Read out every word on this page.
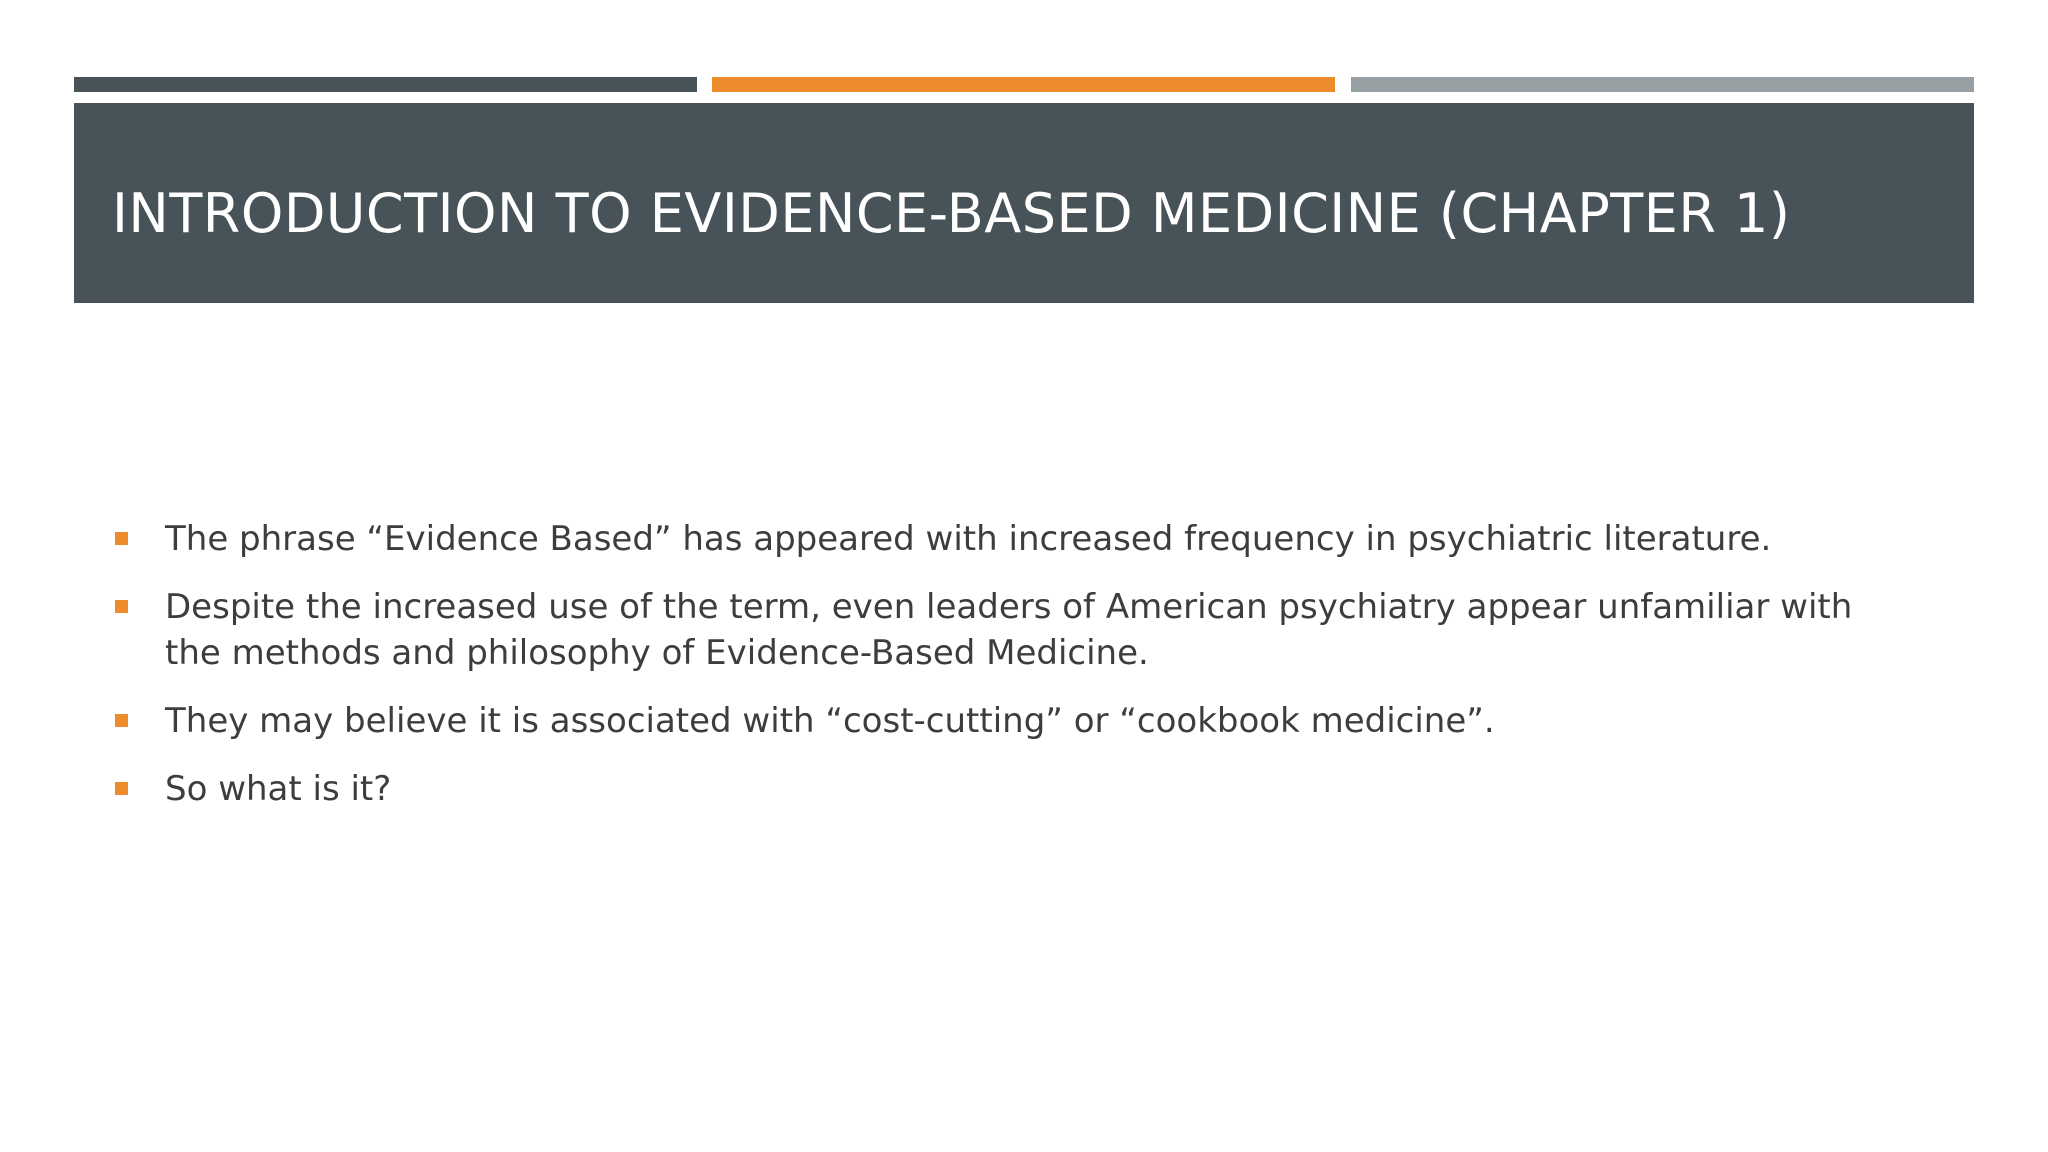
INTRODUCTION TO EVIDENCE-BASED MEDICINE (CHAPTER 1)
The phrase “Evidence Based” has appeared with increased frequency in psychiatric literature.
Despite the increased use of the term, even leaders of American psychiatry appear unfamiliar with the methods and philosophy of Evidence-Based Medicine.
They may believe it is associated with “cost-cutting” or “cookbook medicine”.
So what is it?
